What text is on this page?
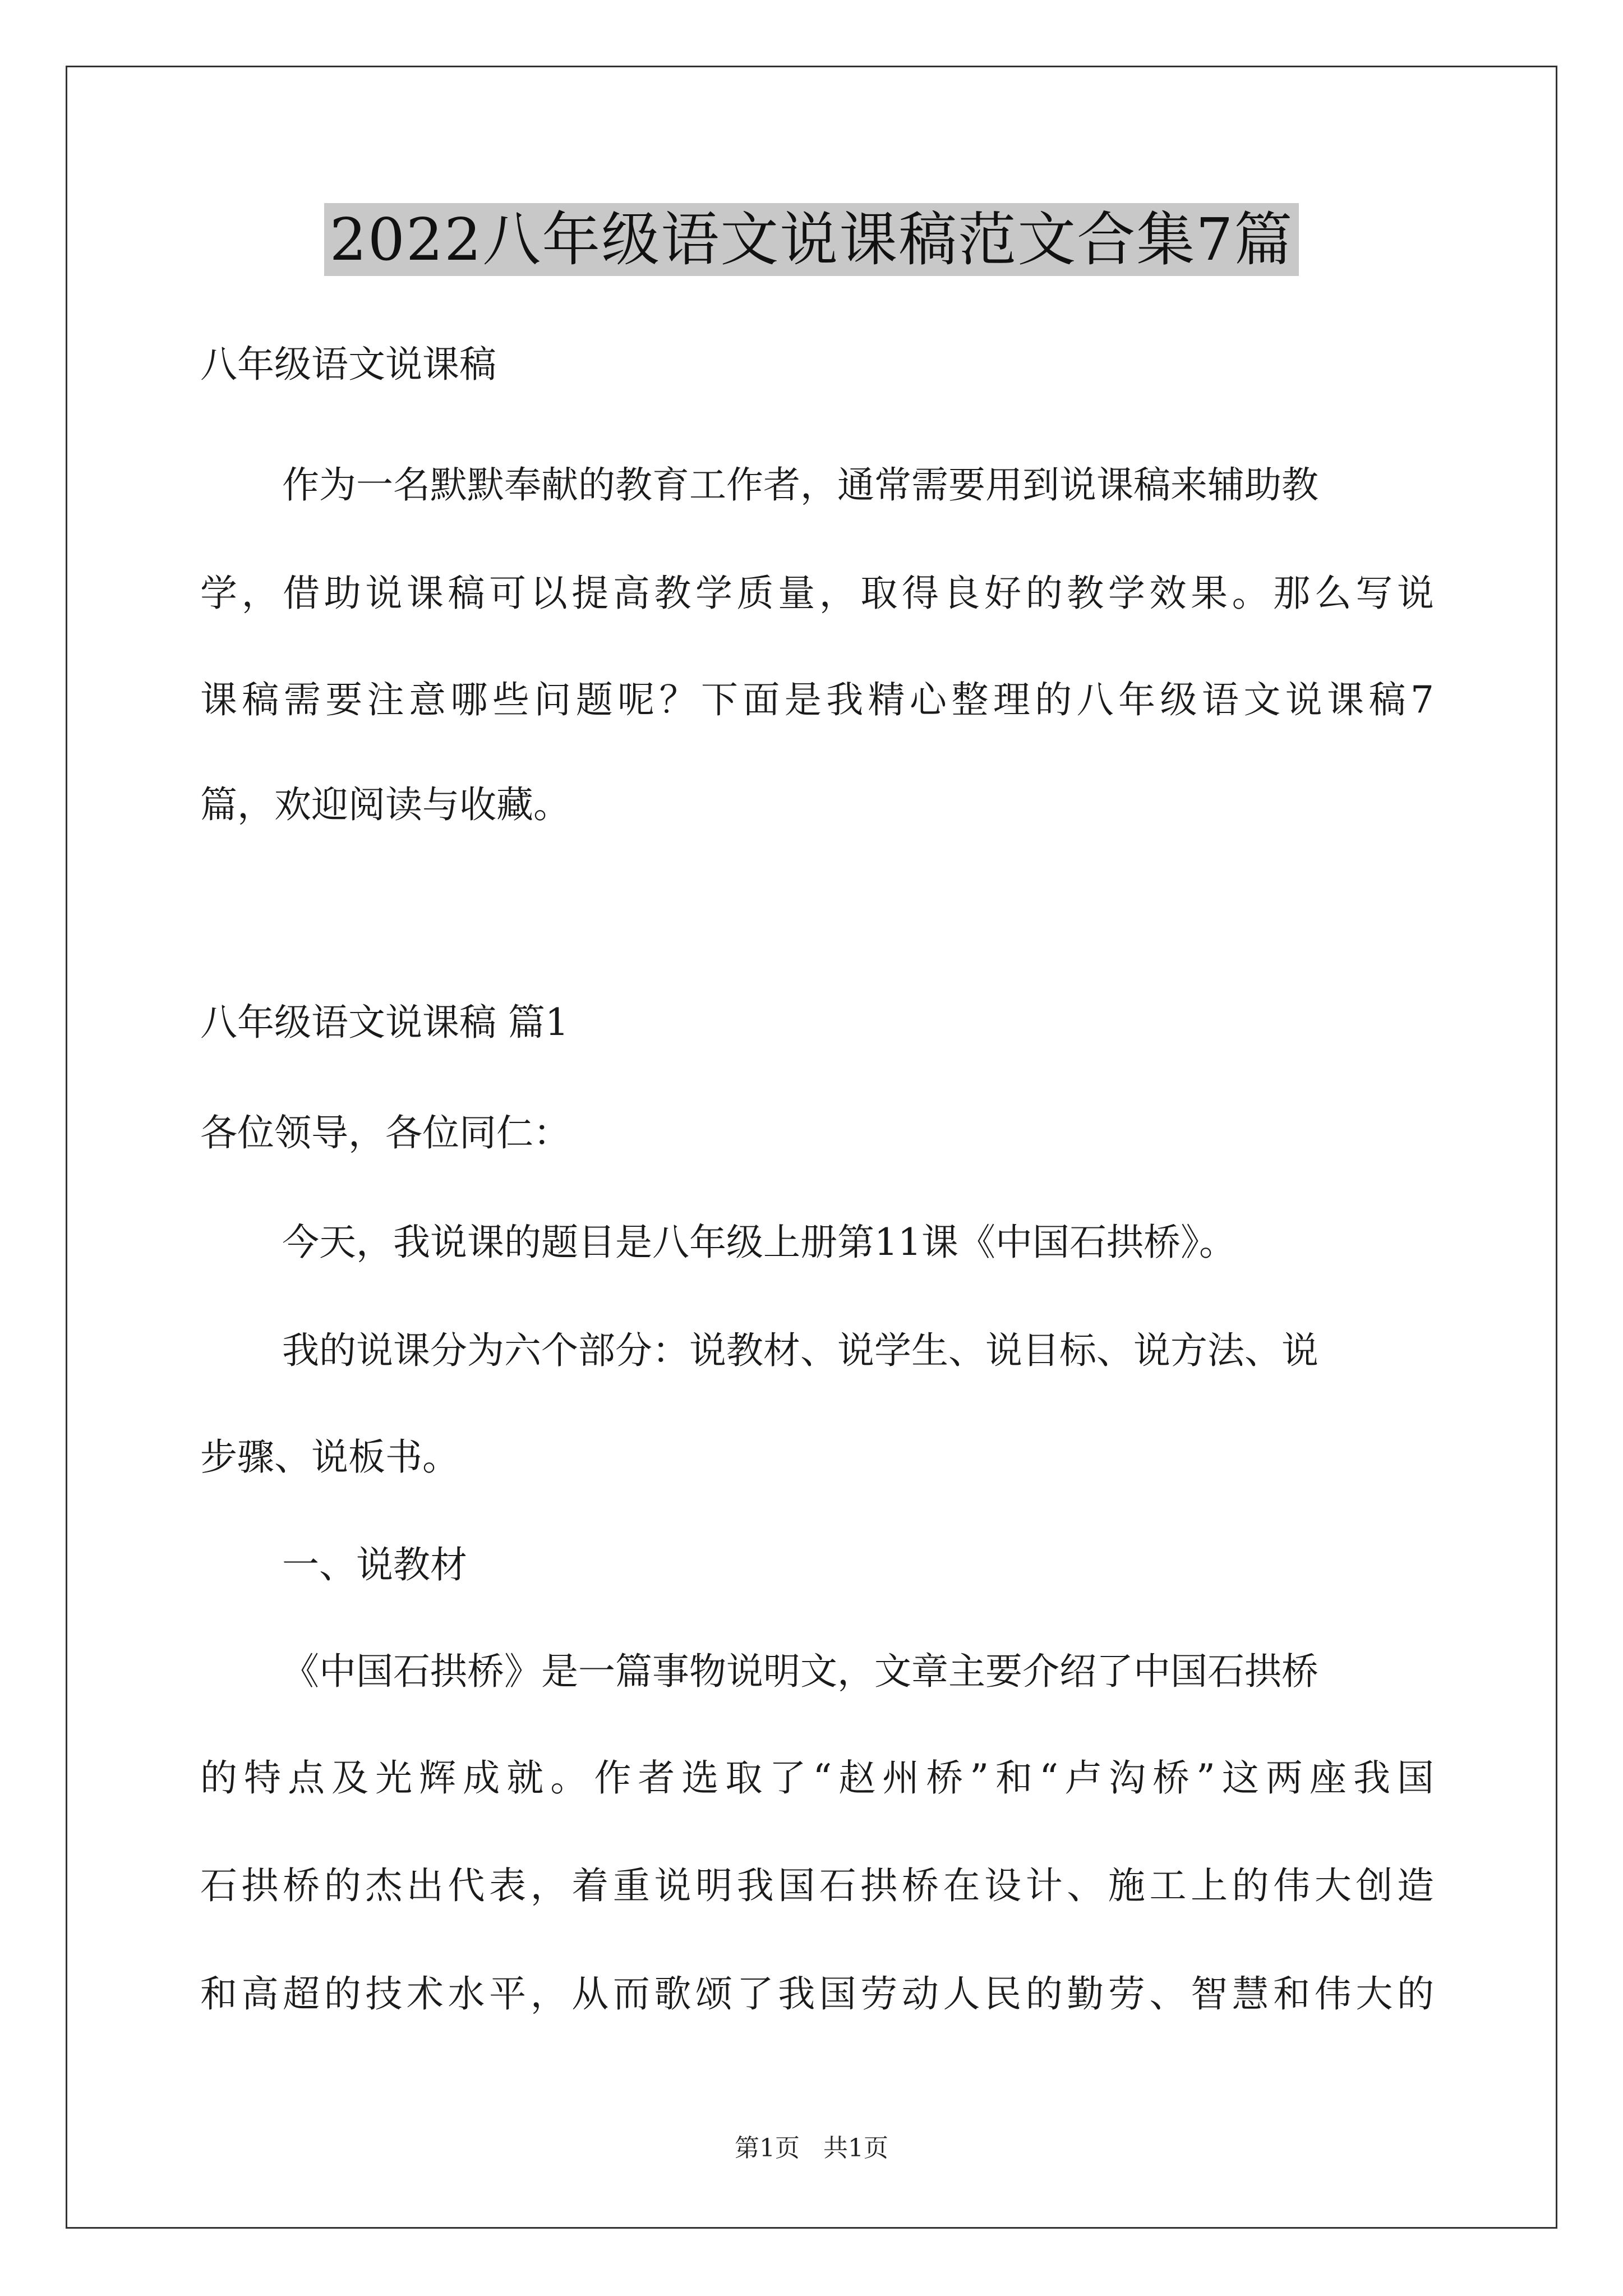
2022八年级语文说课稿范文合集7篇
八年级语文说课稿
作为一名默默奉献的教育工作者，通常需要用到说课稿来辅助教
学，借助说课稿可以提高教学质量，取得良好的教学效果。那么写说
课稿需要注意哪些问题呢？下面是我精心整理的八年级语文说课稿7
篇，欢迎阅读与收藏。
八年级语文说课稿 篇1
各位领导，各位同仁：
今天，我说课的题目是八年级上册第11课《中国石拱桥》。
我的说课分为六个部分：说教材、说学生、说目标、说方法、说
步骤、说板书。
一、说教材
《中国石拱桥》是一篇事物说明文，文章主要介绍了中国石拱桥
的特点及光辉成就。作者选取了“赵州桥”和“卢沟桥”这两座我国
石拱桥的杰出代表，着重说明我国石拱桥在设计、施工上的伟大创造
和高超的技术水平，从而歌颂了我国劳动人民的勤劳、智慧和伟大的
第1页   共1页
